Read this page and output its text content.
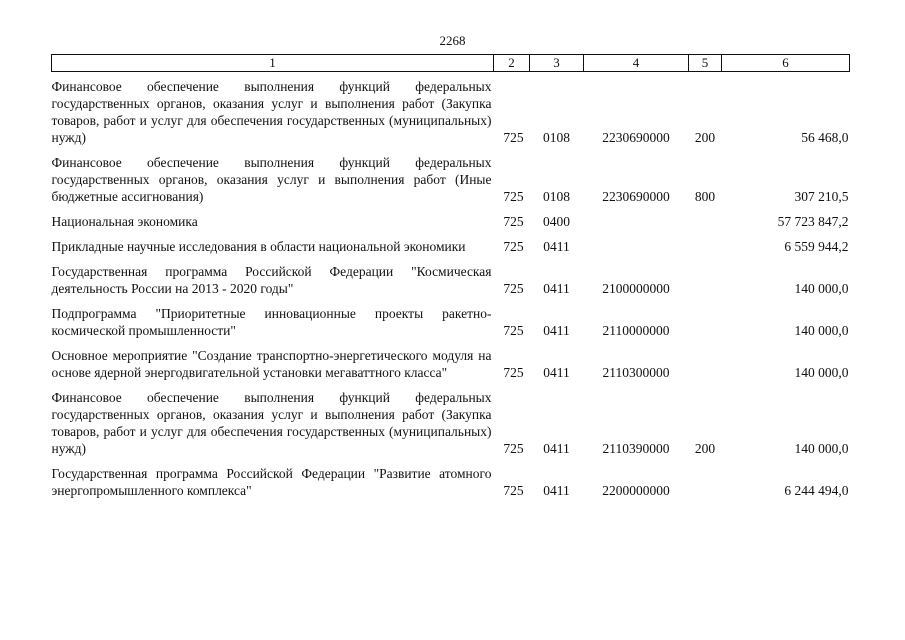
2268
1	2	3	4	5	6
Финансовое обеспечение выполнения функций федеральных государственных органов, оказания услуг и выполнения работ (Закупка товаров, работ и услуг для обеспечения государственных (муниципальных) нужд)	725	0108	2230690000	200	56 468,0
Финансовое обеспечение выполнения функций федеральных государственных органов, оказания услуг и выполнения работ (Иные бюджетные ассигнования)	725	0108	2230690000	800	307 210,5
Национальная экономика	725	0400			57 723 847,2
Прикладные научные исследования в области национальной экономики	725	0411			6 559 944,2
Государственная программа Российской Федерации "Космическая деятельность России на 2013 - 2020 годы"	725	0411	2100000000		140 000,0
Подпрограмма "Приоритетные инновационные проекты ракетно-космической промышленности"	725	0411	2110000000		140 000,0
Основное мероприятие "Создание транспортно-энергетического модуля на основе ядерной энергодвигательной установки мегаваттного класса"	725	0411	2110300000		140 000,0
Финансовое обеспечение выполнения функций федеральных государственных органов, оказания услуг и выполнения работ (Закупка товаров, работ и услуг для обеспечения государственных (муниципальных) нужд)	725	0411	2110390000	200	140 000,0
Государственная программа Российской Федерации "Развитие атомного энергопромышленного комплекса"	725	0411	2200000000		6 244 494,0
